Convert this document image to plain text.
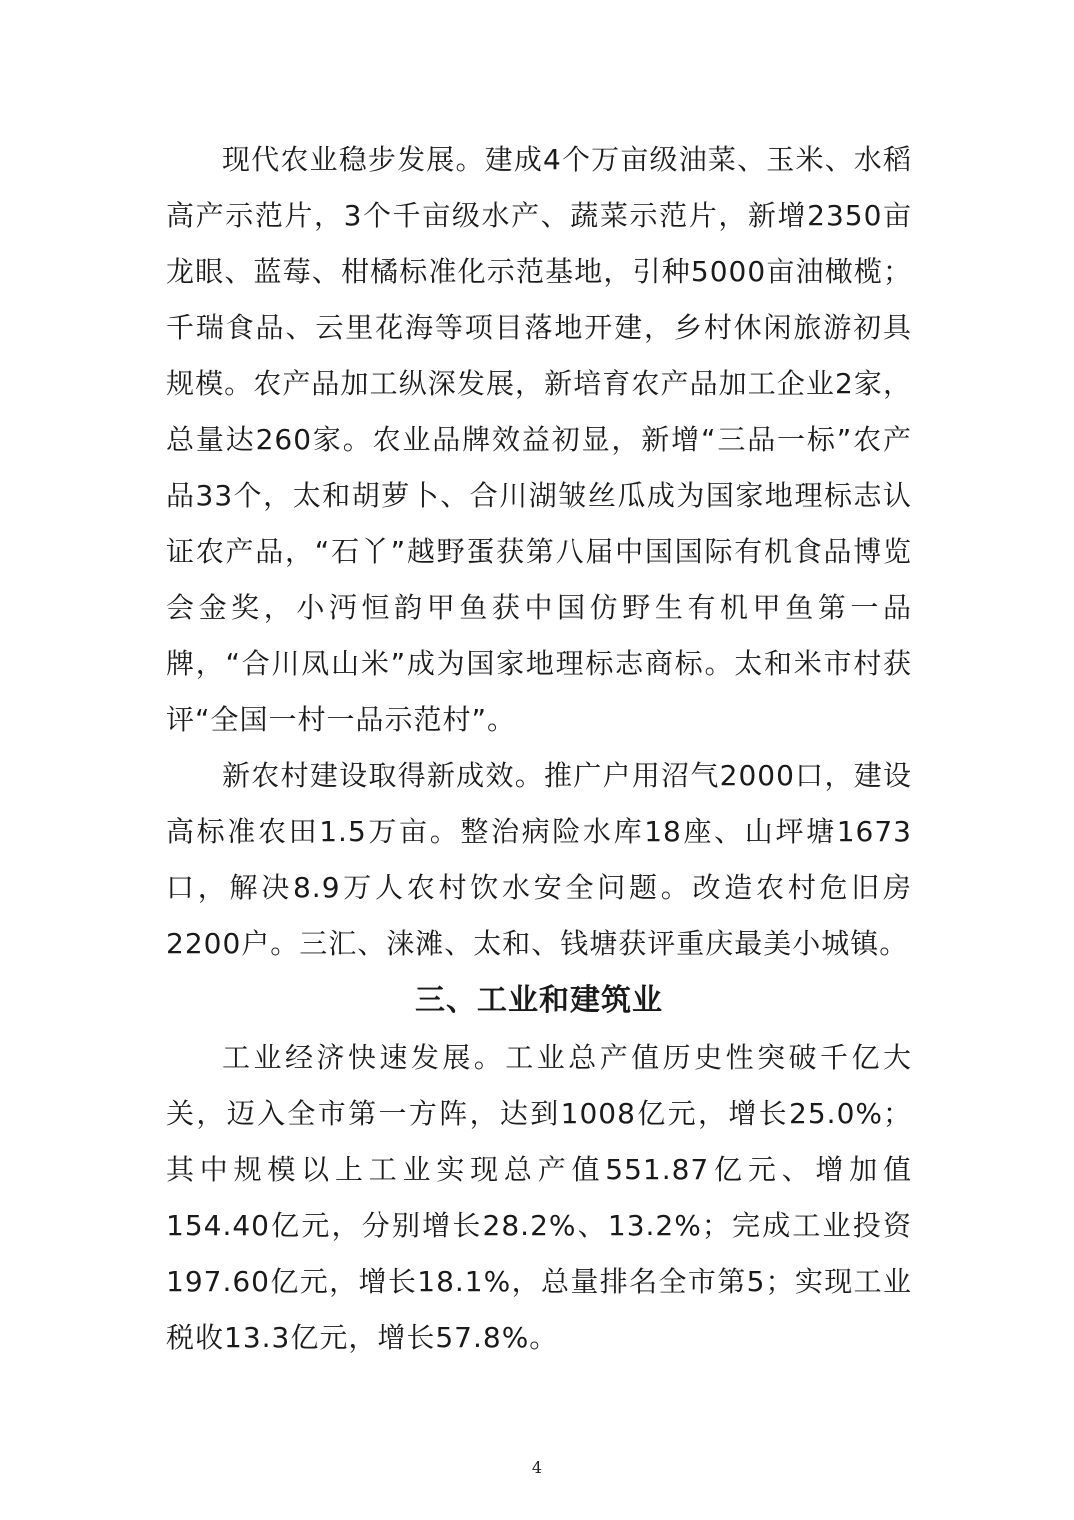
现代农业稳步发展。建成4个万亩级油菜、玉米、水稻高产示范片，3个千亩级水产、蔬菜示范片，新增2350亩龙眼、蓝莓、柑橘标准化示范基地，引种5000亩油橄榄；千瑞食品、云里花海等项目落地开建，乡村休闲旅游初具规模。农产品加工纵深发展，新培育农产品加工企业2家，总量达260家。农业品牌效益初显，新增“三品一标”农产品33个，太和胡萝卜、合川湖皱丝瓜成为国家地理标志认证农产品，“石丫”越野蛋获第八届中国国际有机食品博览会金奖，小沔恒韵甲鱼获中国仿野生有机甲鱼第一品牌，“合川凤山米”成为国家地理标志商标。太和米市村获评“全国一村一品示范村”。

新农村建设取得新成效。推广户用沼气2000口，建设高标准农田1.5万亩。整治病险水库18座、山坪塘1673口，解决8.9万人农村饮水安全问题。改造农村危旧房2200户。三汇、涞滩、太和、钱塘获评重庆最美小城镇。

三、工业和建筑业

工业经济快速发展。工业总产值历史性突破千亿大关，迈入全市第一方阵，达到1008亿元，增长25.0%；其中规模以上工业实现总产值551.87亿元、增加值154.40亿元，分别增长28.2%、13.2%；完成工业投资197.60亿元，增长18.1%，总量排名全市第5；实现工业税收13.3亿元，增长57.8%。

4
